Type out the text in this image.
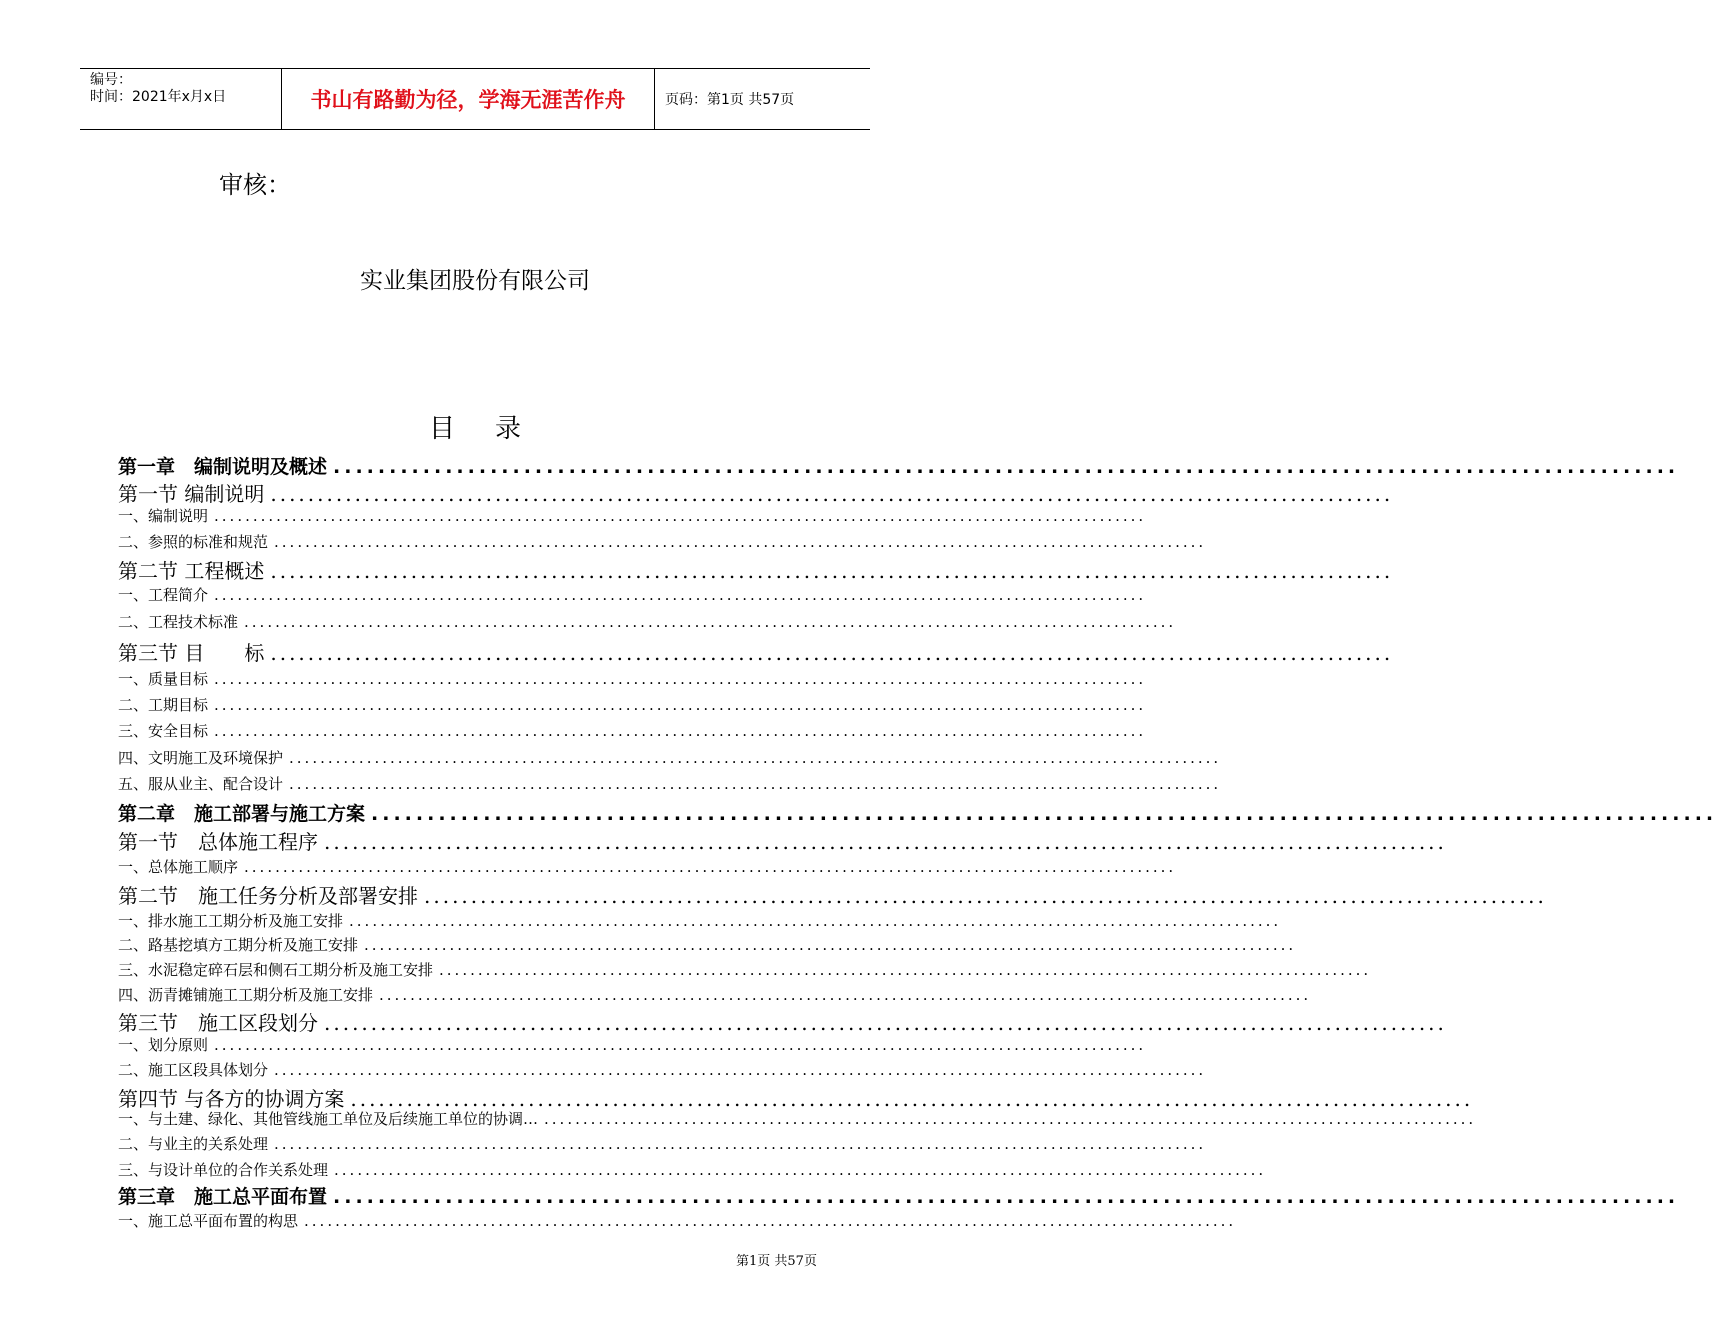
编号：
时间：2021年x月x日	书山有路勤为径，学海无涯苦作舟	页码：第1页 共57页
审核：
实业集团股份有限公司
目录
第一章　编制说明及概述 ........................................................................................................................
第一节 编制说明 ........................................................................................................................
一、编制说明 ........................................................................................................................
二、参照的标准和规范 ........................................................................................................................
第二节 工程概述 ........................................................................................................................
一、工程简介 ........................................................................................................................
二、工程技术标准 ........................................................................................................................
第三节 目　　标 ........................................................................................................................
一、质量目标 ........................................................................................................................
二、工期目标 ........................................................................................................................
三、安全目标 ........................................................................................................................
四、文明施工及环境保护 ........................................................................................................................
五、服从业主、配合设计 ........................................................................................................................
第二章　施工部署与施工方案 ........................................................................................................................
第一节　总体施工程序 ........................................................................................................................
一、总体施工顺序 ........................................................................................................................
第二节　施工任务分析及部署安排 ........................................................................................................................
一、排水施工工期分析及施工安排 ........................................................................................................................
二、路基挖填方工期分析及施工安排 ........................................................................................................................
三、水泥稳定碎石层和侧石工期分析及施工安排 ........................................................................................................................
四、沥青摊铺施工工期分析及施工安排 ........................................................................................................................
第三节　施工区段划分 ........................................................................................................................
一、划分原则 ........................................................................................................................
二、施工区段具体划分 ........................................................................................................................
第四节 与各方的协调方案 ........................................................................................................................
一、与土建、绿化、其他管线施工单位及后续施工单位的协调… ........................................................................................................................
二、与业主的关系处理 ........................................................................................................................
三、与设计单位的合作关系处理 ........................................................................................................................
第三章　施工总平面布置 ........................................................................................................................
一、施工总平面布置的构思 ........................................................................................................................
第1页 共57页
